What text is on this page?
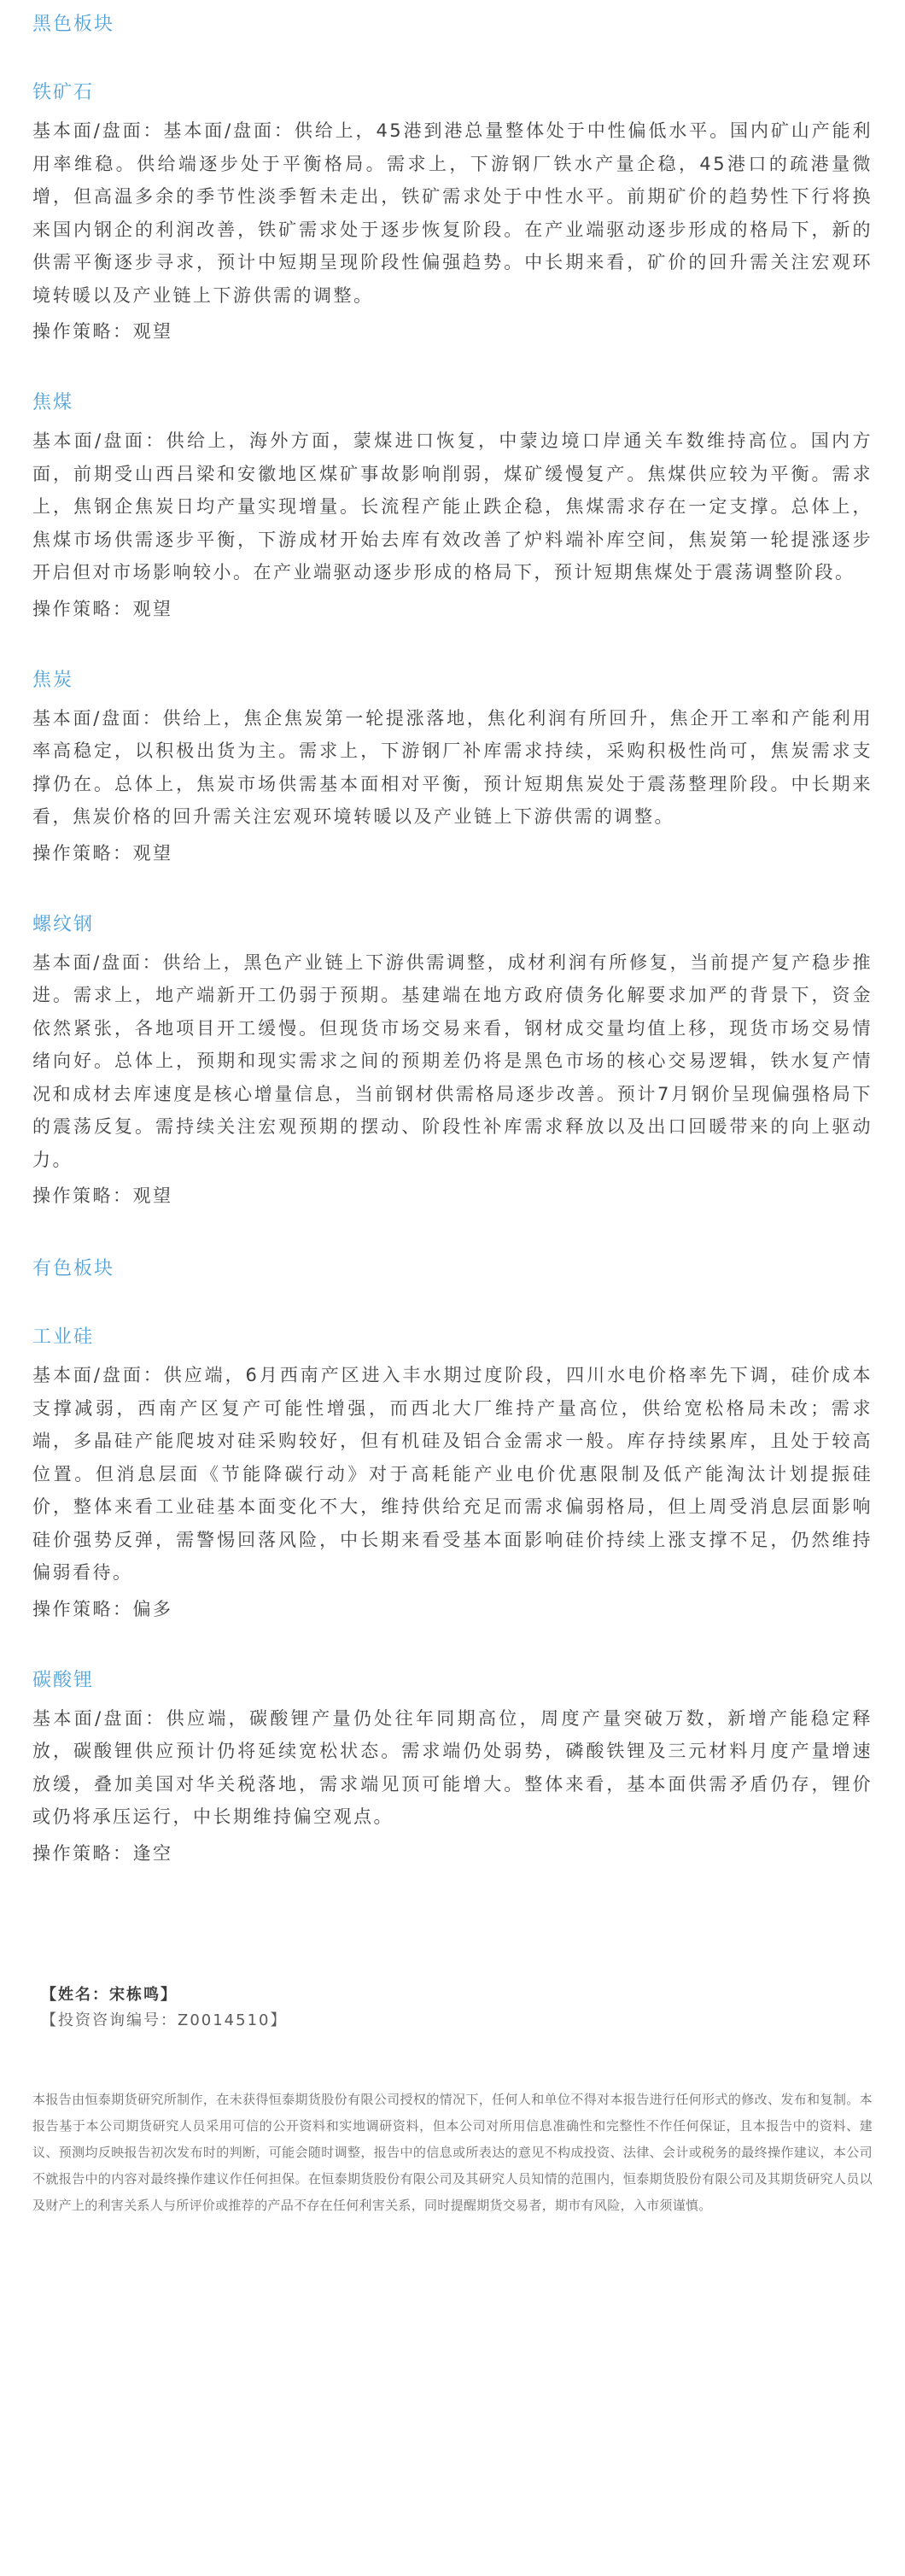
黑色板块
铁矿石

基本面/盘面：基本面/盘面：供给上，45港到港总量整体处于中性偏低水平。国内矿山产能利用率维稳。供给端逐步处于平衡格局。需求上，下游钢厂铁水产量企稳，45港口的疏港量微增，但高温多余的季节性淡季暂未走出，铁矿需求处于中性水平。前期矿价的趋势性下行将换来国内钢企的利润改善，铁矿需求处于逐步恢复阶段。在产业端驱动逐步形成的格局下，新的供需平衡逐步寻求，预计中短期呈现阶段性偏强趋势。中长期来看，矿价的回升需关注宏观环境转暖以及产业链上下游供需的调整。

操作策略：观望
焦煤

基本面/盘面：供给上，海外方面，蒙煤进口恢复，中蒙边境口岸通关车数维持高位。国内方面，前期受山西吕梁和安徽地区煤矿事故影响削弱，煤矿缓慢复产。焦煤供应较为平衡。需求上，焦钢企焦炭日均产量实现增量。长流程产能止跌企稳，焦煤需求存在一定支撑。总体上，焦煤市场供需逐步平衡，下游成材开始去库有效改善了炉料端补库空间，焦炭第一轮提涨逐步开启但对市场影响较小。在产业端驱动逐步形成的格局下，预计短期焦煤处于震荡调整阶段。

操作策略：观望
焦炭

基本面/盘面：供给上，焦企焦炭第一轮提涨落地，焦化利润有所回升，焦企开工率和产能利用率高稳定，以积极出货为主。需求上，下游钢厂补库需求持续，采购积极性尚可，焦炭需求支撑仍在。总体上，焦炭市场供需基本面相对平衡，预计短期焦炭处于震荡整理阶段。中长期来看，焦炭价格的回升需关注宏观环境转暖以及产业链上下游供需的调整。

操作策略：观望
螺纹钢

基本面/盘面：供给上，黑色产业链上下游供需调整，成材利润有所修复，当前提产复产稳步推进。需求上，地产端新开工仍弱于预期。基建端在地方政府债务化解要求加严的背景下，资金依然紧张，各地项目开工缓慢。但现货市场交易来看，钢材成交量均值上移，现货市场交易情绪向好。总体上，预期和现实需求之间的预期差仍将是黑色市场的核心交易逻辑，铁水复产情况和成材去库速度是核心增量信息，当前钢材供需格局逐步改善。预计7月钢价呈现偏强格局下的震荡反复。需持续关注宏观预期的摆动、阶段性补库需求释放以及出口回暖带来的向上驱动力。

操作策略：观望
有色板块
工业硅

基本面/盘面：供应端，6月西南产区进入丰水期过度阶段，四川水电价格率先下调，硅价成本支撑减弱，西南产区复产可能性增强，而西北大厂维持产量高位，供给宽松格局未改；需求端，多晶硅产能爬坡对硅采购较好，但有机硅及铝合金需求一般。库存持续累库，且处于较高位置。但消息层面《节能降碳行动》对于高耗能产业电价优惠限制及低产能淘汰计划提振硅价，整体来看工业硅基本面变化不大，维持供给充足而需求偏弱格局，但上周受消息层面影响硅价强势反弹，需警惕回落风险，中长期来看受基本面影响硅价持续上涨支撑不足，仍然维持偏弱看待。

操作策略：偏多
碳酸锂

基本面/盘面：供应端，碳酸锂产量仍处往年同期高位，周度产量突破万数，新增产能稳定释放，碳酸锂供应预计仍将延续宽松状态。需求端仍处弱势，磷酸铁锂及三元材料月度产量增速放缓，叠加美国对华关税落地，需求端见顶可能增大。整体来看，基本面供需矛盾仍存，锂价或仍将承压运行，中长期维持偏空观点。

操作策略：逢空
【姓名：宋栋鸣】
【投资咨询编号：Z0014510】

本报告由恒泰期货研究所制作，在未获得恒泰期货股份有限公司授权的情况下，任何人和单位不得对本报告进行任何形式的修改、发布和复制。本报告基于本公司期货研究人员采用可信的公开资料和实地调研资料，但本公司对所用信息准确性和完整性不作任何保证，且本报告中的资料、建议、预测均反映报告初次发布时的判断，可能会随时调整，报告中的信息或所表达的意见不构成投资、法律、会计或税务的最终操作建议，本公司不就报告中的内容对最终操作建议作任何担保。在恒泰期货股份有限公司及其研究人员知情的范围内，恒泰期货股份有限公司及其期货研究人员以及财产上的利害关系人与所评价或推荐的产品不存在任何利害关系，同时提醒期货交易者，期市有风险，入市须谨慎。
